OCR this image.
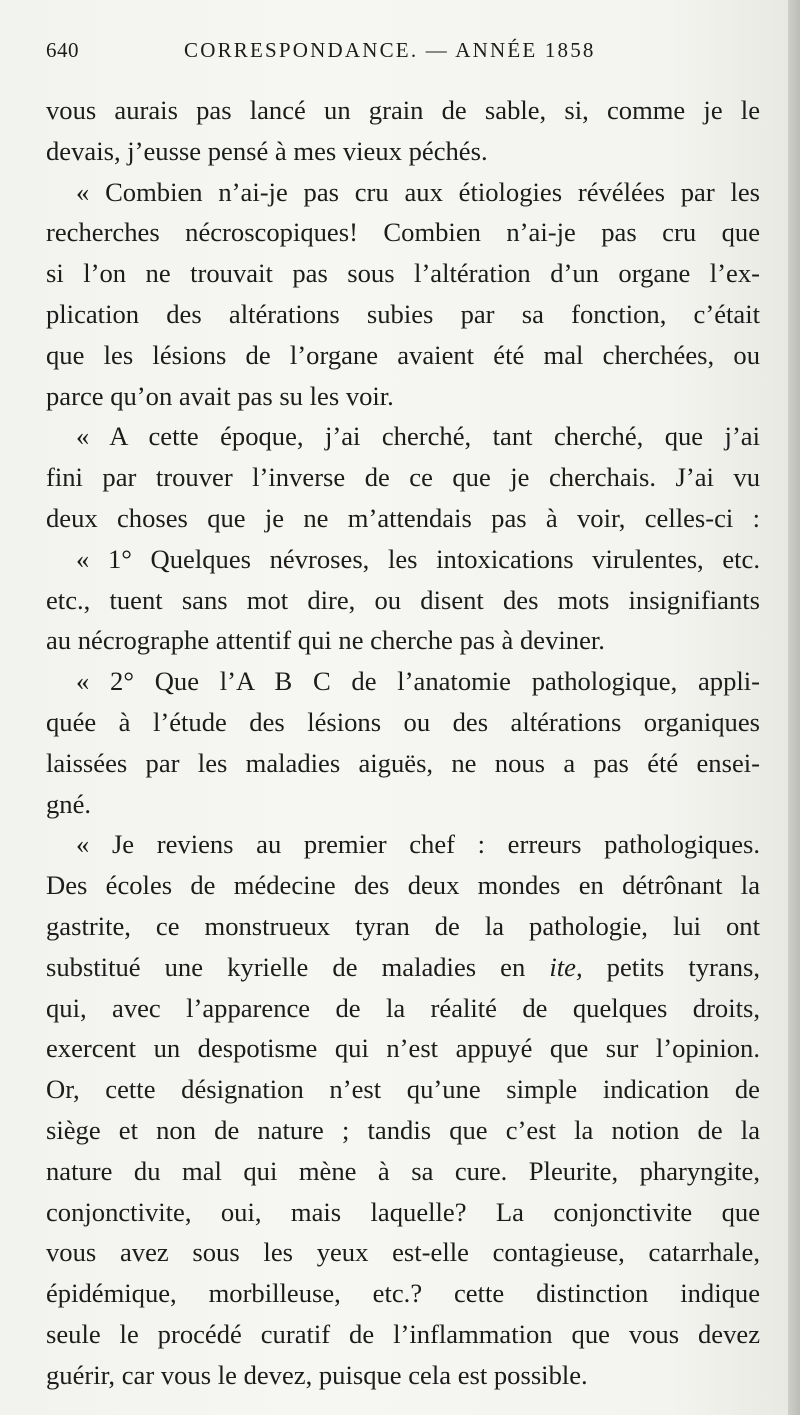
640	CORRESPONDANCE. — ANNÉE 1858
vous aurais pas lancé un grain de sable, si, comme je le
devais, j’eusse pensé à mes vieux péchés.
« Combien n’ai-je pas cru aux étiologies révélées par les
recherches nécroscopiques! Combien n’ai-je pas cru que
si l’on ne trouvait pas sous l’altération d’un organe l’ex-
plication des altérations subies par sa fonction, c’était
que les lésions de l’organe avaient été mal cherchées, ou
parce qu’on avait pas su les voir.
« A cette époque, j’ai cherché, tant cherché, que j’ai
fini par trouver l’inverse de ce que je cherchais. J’ai vu
deux choses que je ne m’attendais pas à voir, celles-ci :
« 1° Quelques névroses, les intoxications virulentes, etc.
etc., tuent sans mot dire, ou disent des mots insignifiants
au nécrographe attentif qui ne cherche pas à deviner.
« 2° Que l’A B C de l’anatomie pathologique, appli-
quée à l’étude des lésions ou des altérations organiques
laissées par les maladies aiguës, ne nous a pas été ensei-
gné.
« Je reviens au premier chef : erreurs pathologiques.
Des écoles de médecine des deux mondes en détrônant la
gastrite, ce monstrueux tyran de la pathologie, lui ont
substitué une kyrielle de maladies en ite, petits tyrans,
qui, avec l’apparence de la réalité de quelques droits,
exercent un despotisme qui n’est appuyé que sur l’opinion.
Or, cette désignation n’est qu’une simple indication de
siège et non de nature ; tandis que c’est la notion de la
nature du mal qui mène à sa cure. Pleurite, pharyngite,
conjonctivite, oui, mais laquelle? La conjonctivite que
vous avez sous les yeux est-elle contagieuse, catarrhale,
épidémique, morbilleuse, etc.? cette distinction indique
seule le procédé curatif de l’inflammation que vous devez
guérir, car vous le devez, puisque cela est possible.
